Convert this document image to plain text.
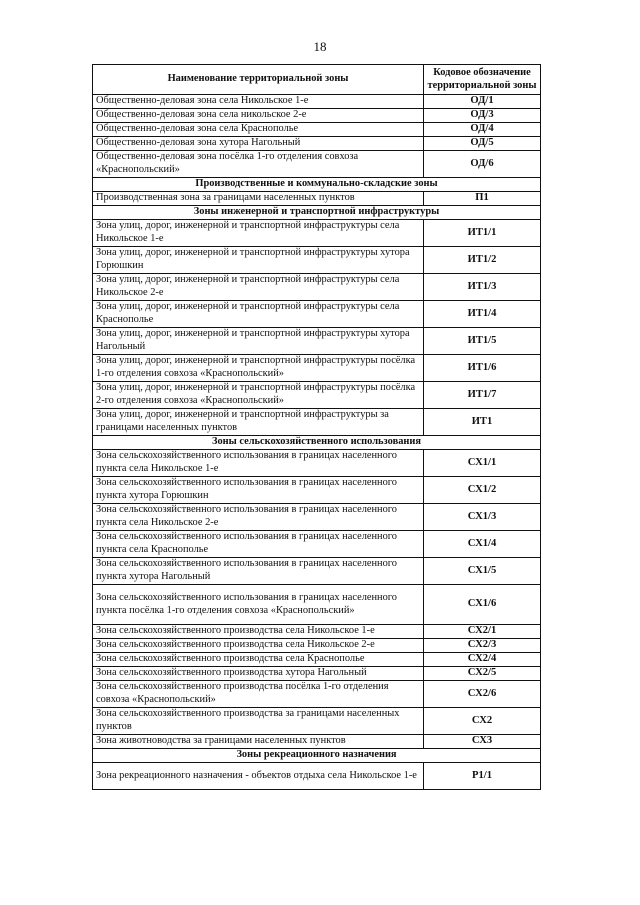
18
Наименование территориальной зоны	Кодовое обозначение территориальной зоны
Общественно-деловая зона села Никольское 1-е	ОД/1
Общественно-деловая зона села никольское 2-е	ОД/3
Общественно-деловая зона села Краснополье	ОД/4
Общественно-деловая зона хутора Нагольный	ОД/5
Общественно-деловая зона посёлка 1-го отделения совхоза «Краснопольский»	ОД/6
Производственные и коммунально-складские зоны	
Производственная зона за границами населенных пунктов	П1
Зоны инженерной и транспортной инфраструктуры	
Зона улиц, дорог, инженерной и транспортной инфраструктуры села Никольское 1-е	ИТ1/1
Зона улиц, дорог, инженерной и транспортной инфраструктуры хутора Горюшкин	ИТ1/2
Зона улиц, дорог, инженерной и транспортной инфраструктуры села Никольское 2-е	ИТ1/3
Зона улиц, дорог, инженерной и транспортной инфраструктуры села Краснополье	ИТ1/4
Зона улиц, дорог, инженерной и транспортной инфраструктуры хутора Нагольный	ИТ1/5
Зона улиц, дорог, инженерной и транспортной инфраструктуры посёлка 1-го отделения совхоза «Краснопольский»	ИТ1/6
Зона улиц, дорог, инженерной и транспортной инфраструктуры посёлка 2-го отделения совхоза «Краснопольский»	ИТ1/7
Зона улиц, дорог, инженерной и транспортной инфраструктуры за границами населенных пунктов	ИТ1
Зоны сельскохозяйственного использования	
Зона сельскохозяйственного использования в границах населенного пункта села Никольское 1-е	СХ1/1
Зона сельскохозяйственного использования в границах населенного пункта хутора Горюшкин	СХ1/2
Зона сельскохозяйственного использования в границах населенного пункта села Никольское 2-е	СХ1/3
Зона сельскохозяйственного использования в границах населенного пункта села Краснополье	СХ1/4
Зона сельскохозяйственного использования в границах населенного пункта хутора Нагольный	СХ1/5
Зона сельскохозяйственного использования в границах населенного пункта посёлка 1-го отделения совхоза «Краснопольский»	СХ1/6
Зона сельскохозяйственного производства села Никольское 1-е	СХ2/1
Зона сельскохозяйственного производства села Никольское 2-е	СХ2/3
Зона сельскохозяйственного производства села Краснополье	СХ2/4
Зона сельскохозяйственного производства хутора Нагольный	СХ2/5
Зона сельскохозяйственного производства посёлка 1-го отделения совхоза «Краснопольский»	СХ2/6
Зона сельскохозяйственного производства за границами населенных пунктов	СХ2
Зона животноводства за границами населенных пунктов	СХ3
Зоны рекреационного назначения	
Зона рекреационного назначения - объектов отдыха села Никольское 1-е	Р1/1
